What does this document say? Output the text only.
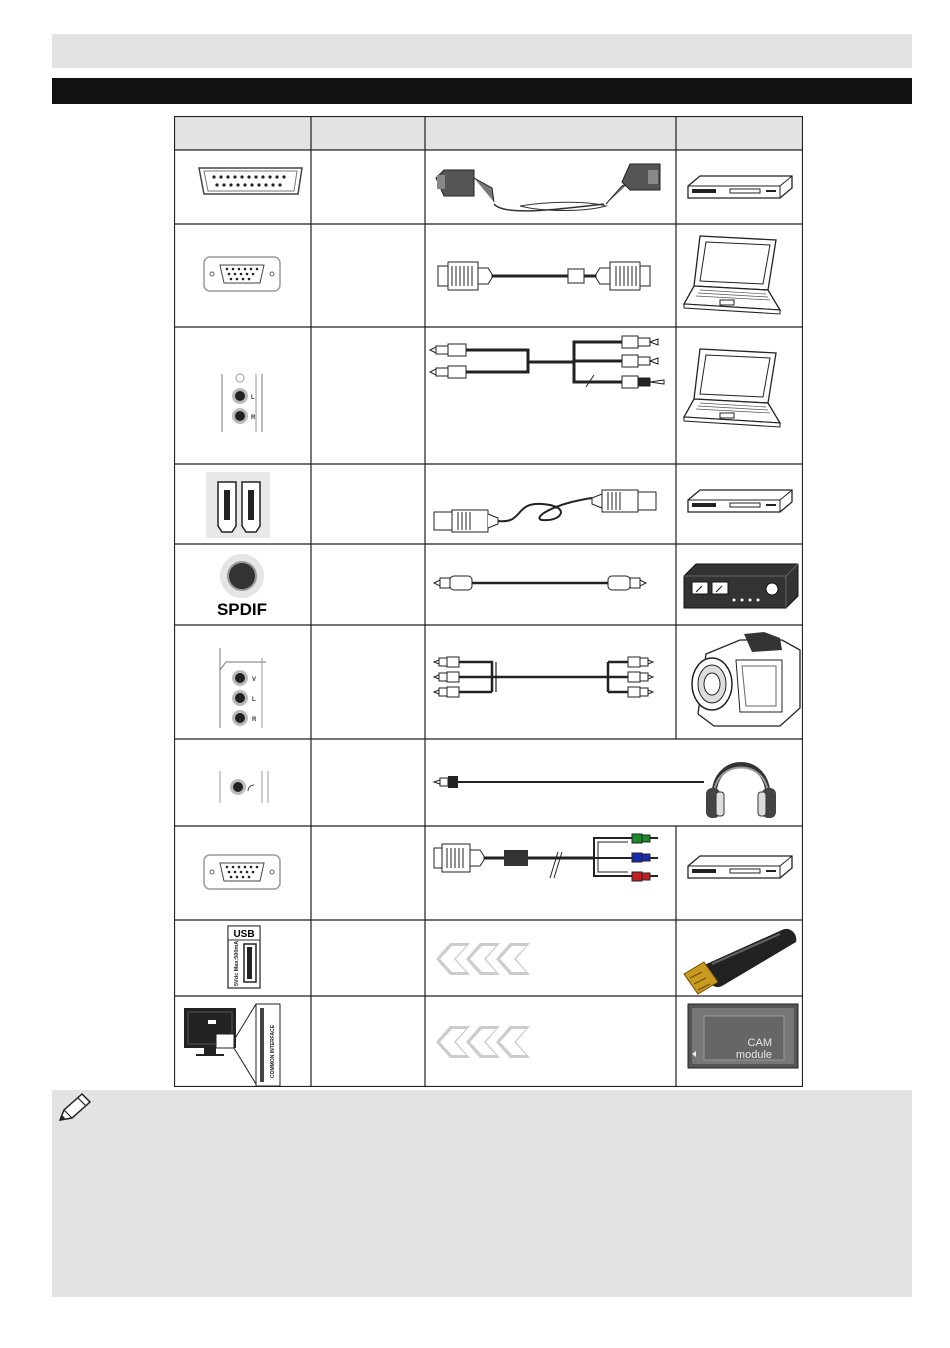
L
R
SPDIF
V
L
R
5Vdc Max:500mA
USB
COMMON INTERFACE	CAM
module
